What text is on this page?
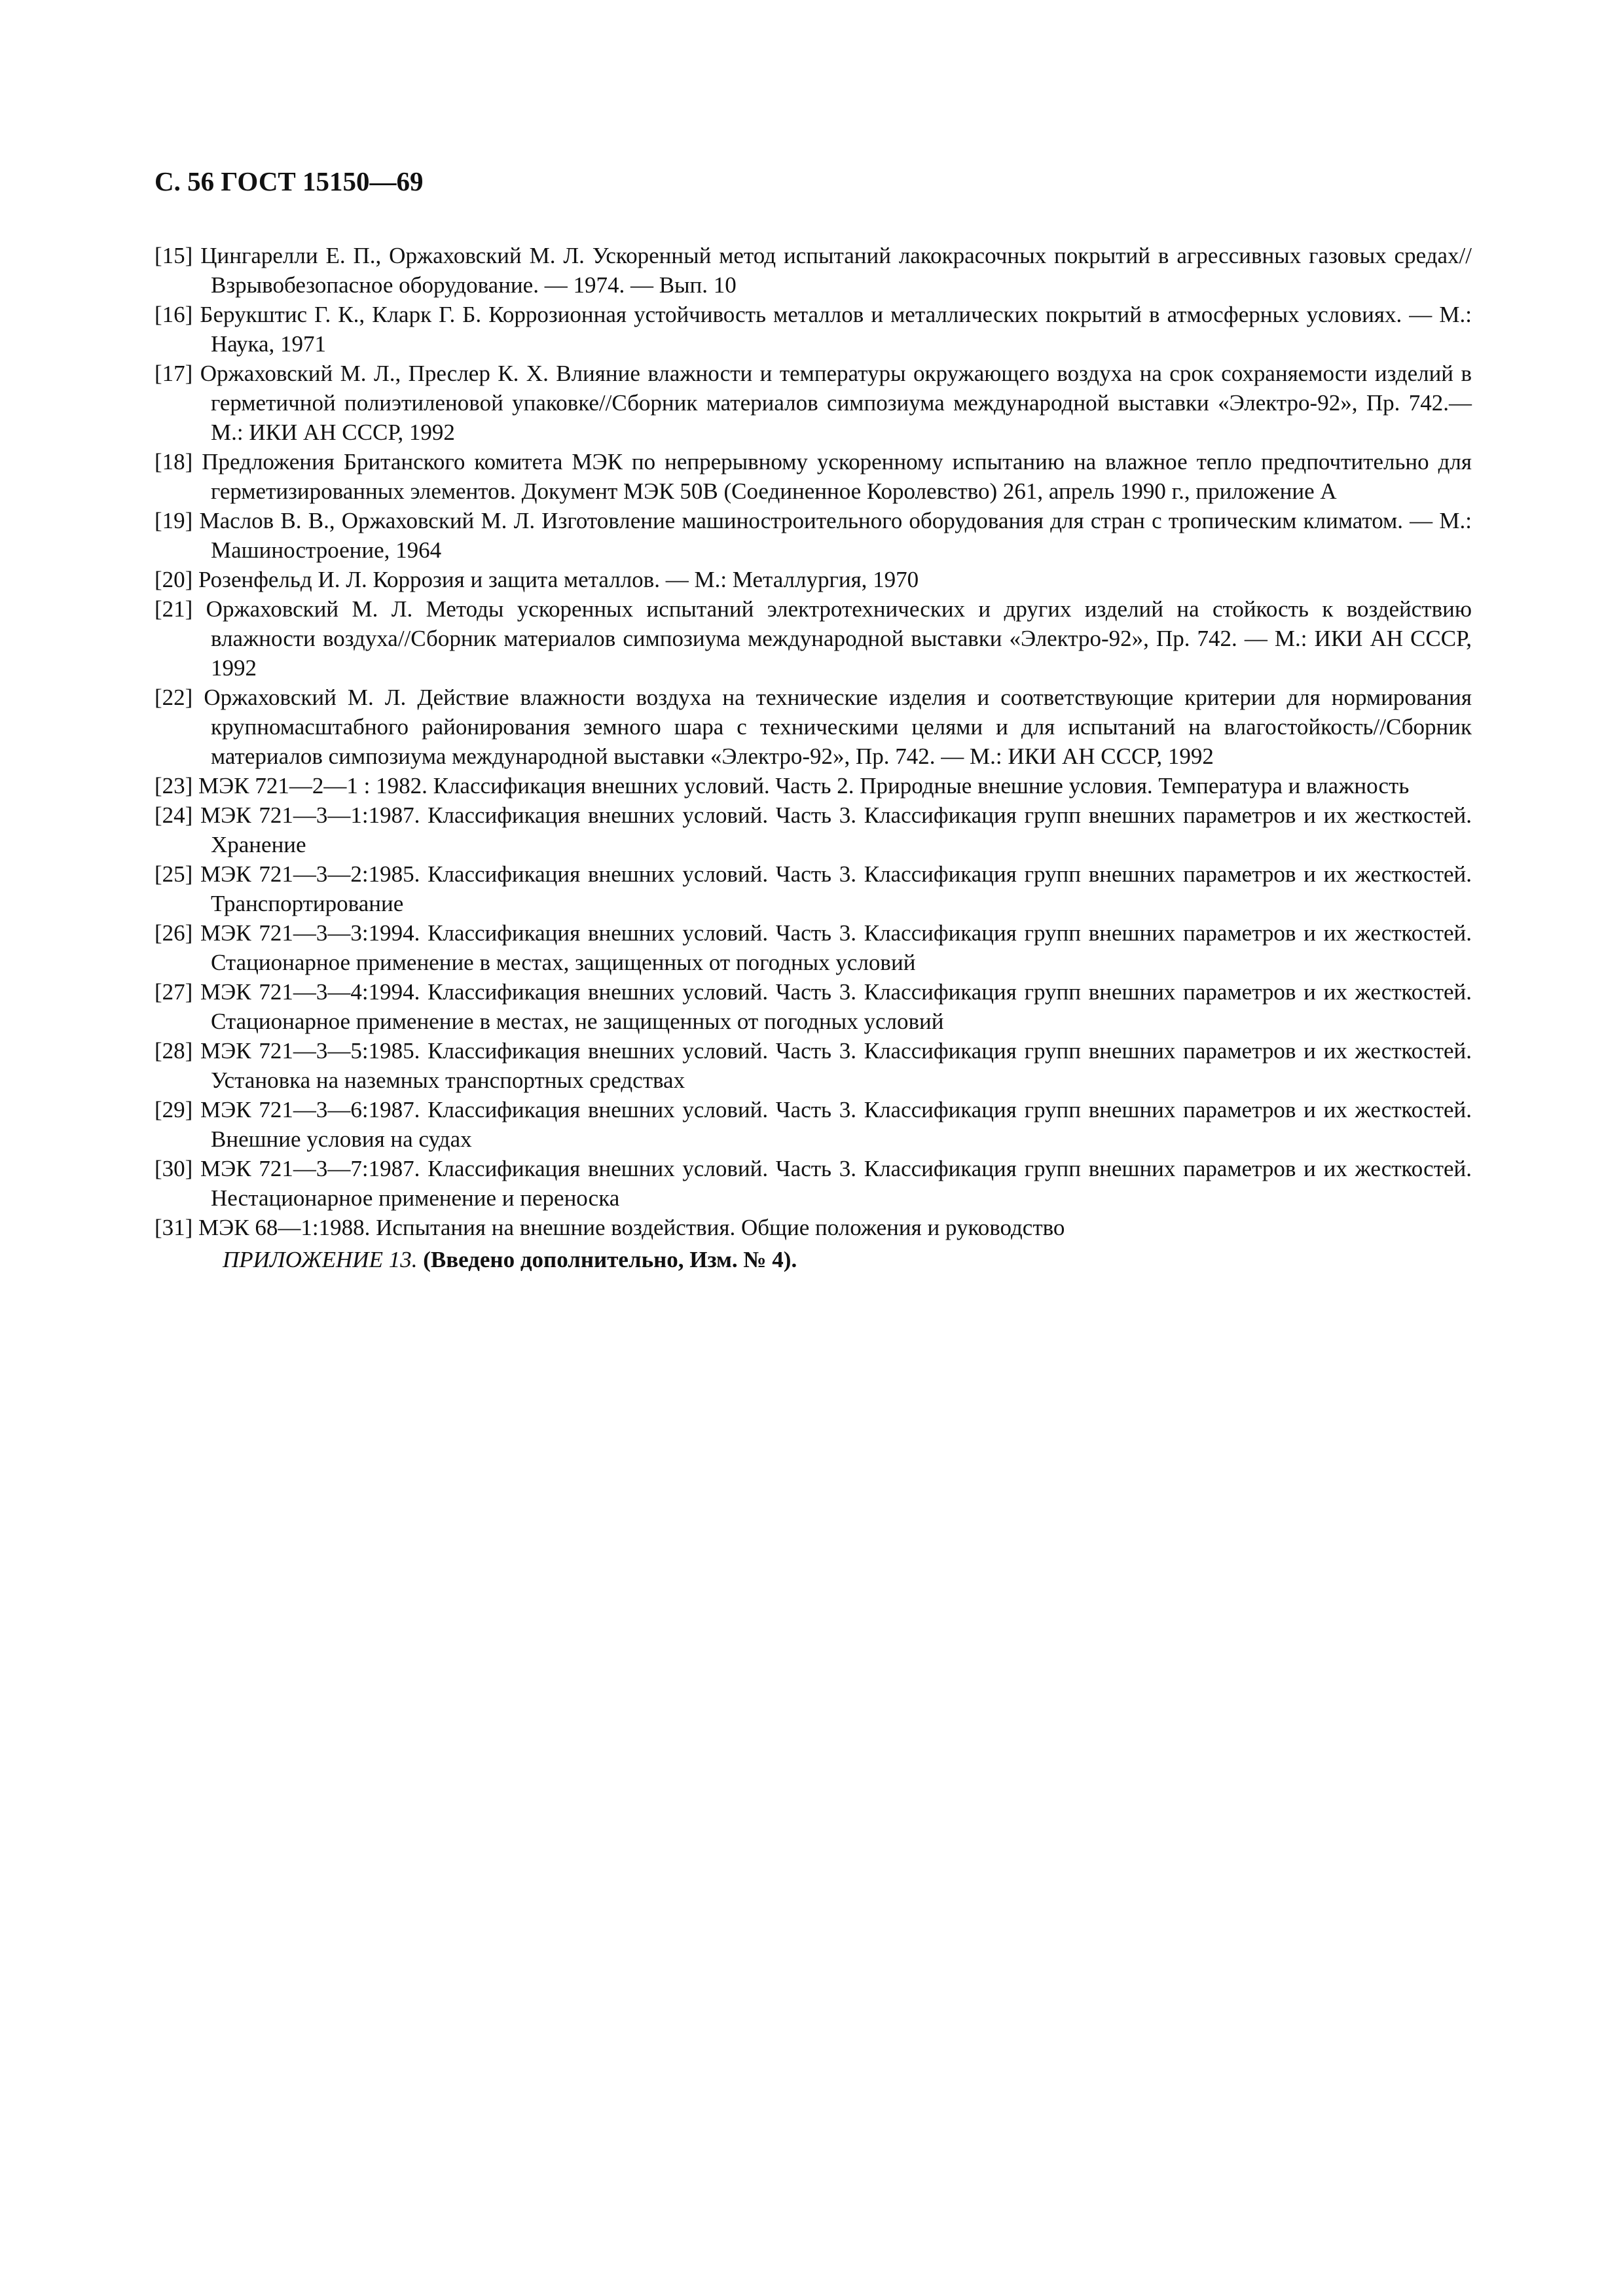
С. 56 ГОСТ 15150—69

[15] Цингарелли Е. П., Оржаховский М. Л. Ускоренный метод испытаний лакокрасочных покрытий в агрессивных газовых средах//Взрывобезопасное оборудование. — 1974. — Вып. 10

[16] Берукштис Г. К., Кларк Г. Б. Коррозионная устойчивость металлов и металлических покрытий в атмосферных условиях. — М.: Наука, 1971

[17] Оржаховский М. Л., Преслер К. Х. Влияние влажности и температуры окружающего воздуха на срок сохраняемости изделий в герметичной полиэтиленовой упаковке//Сборник материалов симпозиума международной выставки «Электро-92», Пр. 742.—М.: ИКИ АН СССР, 1992

[18] Предложения Британского комитета МЭК по непрерывному ускоренному испытанию на влажное тепло предпочтительно для герметизированных элементов. Документ МЭК 50В (Соединенное Королевство) 261, апрель 1990 г., приложение А

[19] Маслов В. В., Оржаховский М. Л. Изготовление машиностроительного оборудования для стран с тропическим климатом. — М.: Машиностроение, 1964

[20] Розенфельд И. Л. Коррозия и защита металлов. — М.: Металлургия, 1970

[21] Оржаховский М. Л. Методы ускоренных испытаний электротехнических и других изделий на стойкость к воздействию влажности воздуха//Сборник материалов симпозиума международной выставки «Электро-92», Пр. 742. — М.: ИКИ АН СССР, 1992

[22] Оржаховский М. Л. Действие влажности воздуха на технические изделия и соответствующие критерии для нормирования крупномасштабного районирования земного шара с техническими целями и для испытаний на влагостойкость//Сборник материалов симпозиума международной выставки «Электро-92», Пр. 742. — М.: ИКИ АН СССР, 1992

[23] МЭК 721—2—1 : 1982. Классификация внешних условий. Часть 2. Природные внешние условия. Температура и влажность

[24] МЭК 721—3—1:1987. Классификация внешних условий. Часть 3. Классификация групп внешних параметров и их жесткостей. Хранение

[25] МЭК 721—3—2:1985. Классификация внешних условий. Часть 3. Классификация групп внешних параметров и их жесткостей. Транспортирование

[26] МЭК 721—3—3:1994. Классификация внешних условий. Часть 3. Классификация групп внешних параметров и их жесткостей. Стационарное применение в местах, защищенных от погодных условий

[27] МЭК 721—3—4:1994. Классификация внешних условий. Часть 3. Классификация групп внешних параметров и их жесткостей. Стационарное применение в местах, не защищенных от погодных условий

[28] МЭК 721—3—5:1985. Классификация внешних условий. Часть 3. Классификация групп внешних параметров и их жесткостей. Установка на наземных транспортных средствах

[29] МЭК 721—3—6:1987. Классификация внешних условий. Часть 3. Классификация групп внешних параметров и их жесткостей. Внешние условия на судах

[30] МЭК 721—3—7:1987. Классификация внешних условий. Часть 3. Классификация групп внешних параметров и их жесткостей. Нестационарное применение и переноска

[31] МЭК 68—1:1988. Испытания на внешние воздействия. Общие положения и руководство

ПРИЛОЖЕНИЕ 13. (Введено дополнительно, Изм. № 4).
